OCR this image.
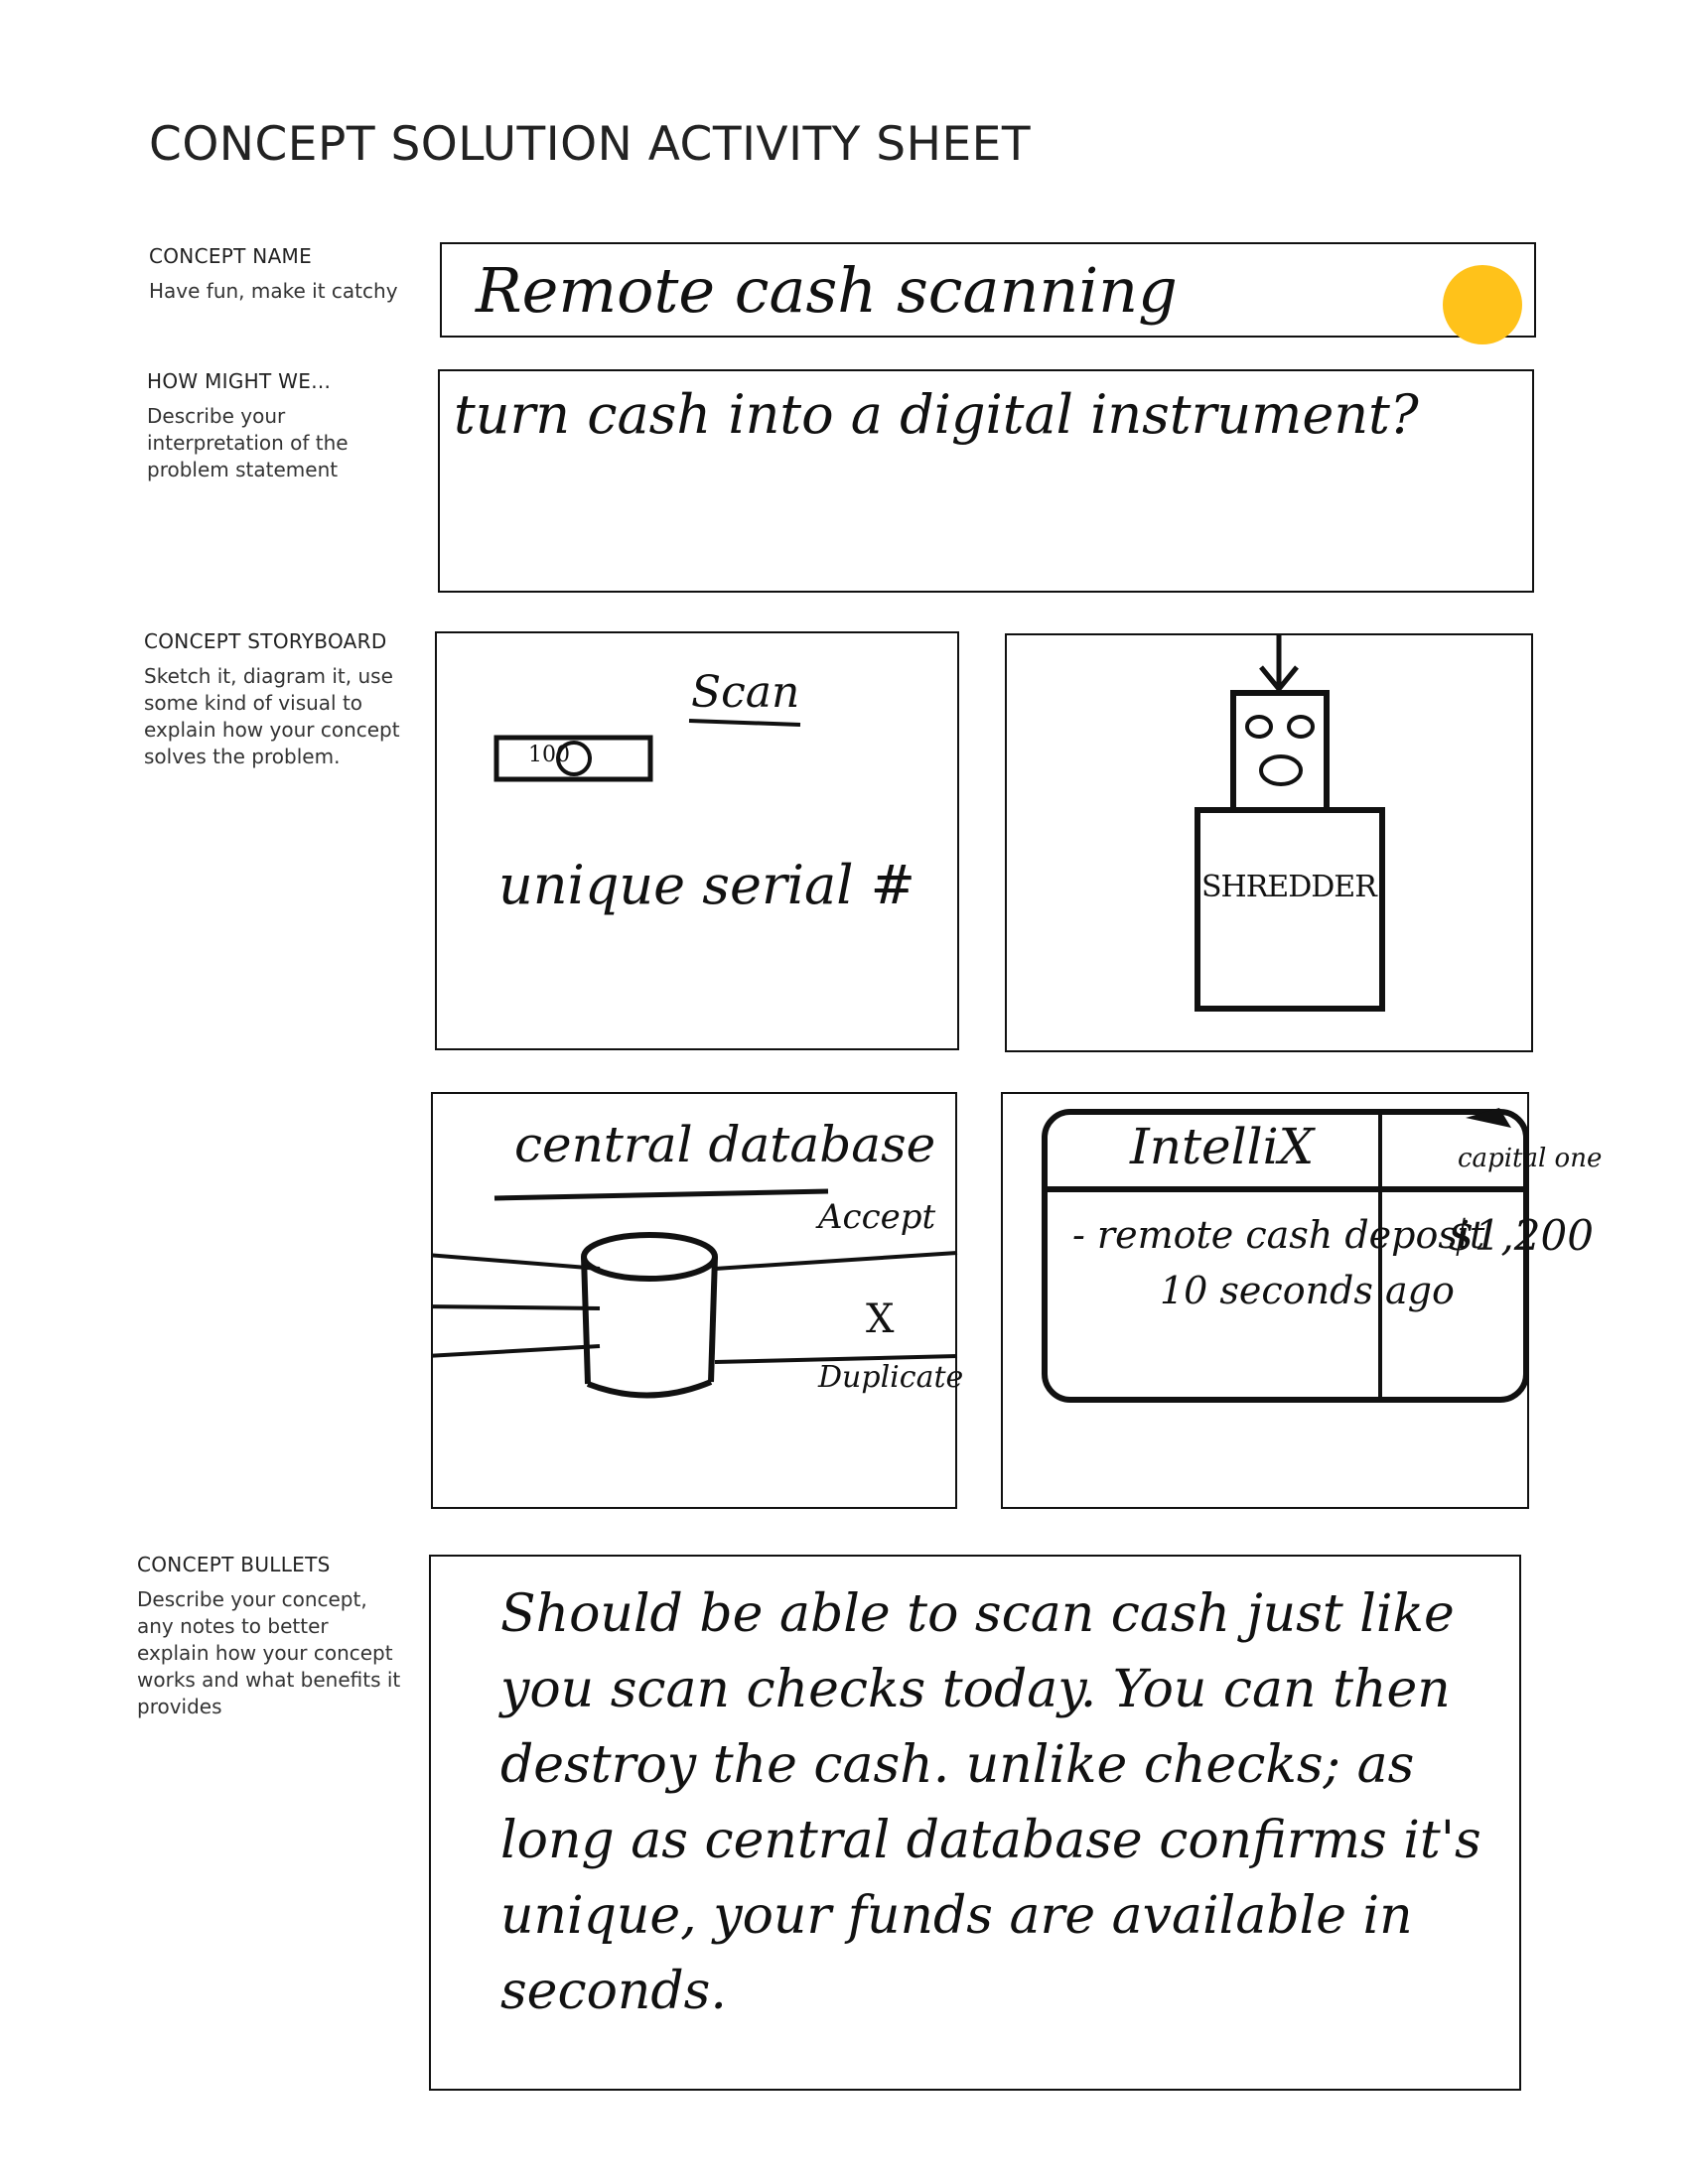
CONCEPT SOLUTION ACTIVITY SHEET
CONCEPT NAME
Have fun, make it catchy
HOW MIGHT WE...
Describe your interpretation of the problem statement
CONCEPT STORYBOARD
Sketch it, diagram it, use some kind of visual to explain how your concept solves the problem.
CONCEPT BULLETS
Describe your concept, any notes to better explain how your concept works and what benefits it provides
Remote cash scanning
turn cash into a digital instrument?
Scan
100
unique serial #	SHREDDER
central database
Accept
X
Duplicate
IntelliX	capital one
- remote cash deposit
10 seconds ago
$1,200
Should be able to scan cash just like you scan checks today. You can then destroy the cash. unlike checks; as long as central database confirms it's unique, your funds are available in seconds.
